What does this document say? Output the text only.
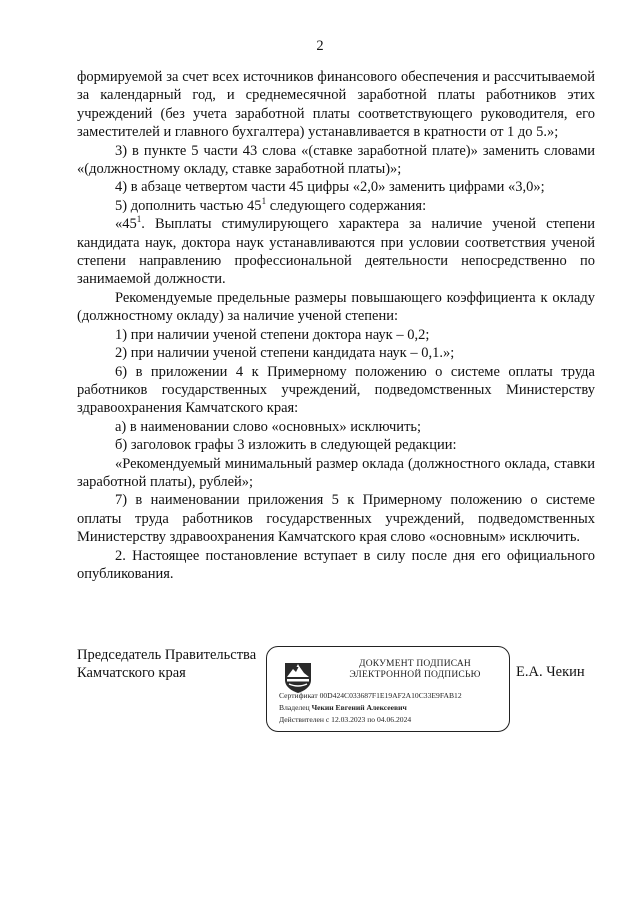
2

формируемой за счет всех источников финансового обеспечения и рассчитываемой за календарный год, и среднемесячной заработной платы работников этих учреждений (без учета заработной платы соответствующего руководителя, его заместителей и главного бухгалтера) устанавливается в кратности от 1 до 5.»;

3) в пункте 5 части 43 слова «(ставке заработной плате)» заменить словами «(должностному окладу, ставке заработной платы)»;

4) в абзаце четвертом части 45 цифры «2,0» заменить цифрами «3,0»;

5) дополнить частью $45^1$ следующего содержания:

«$45^1$. Выплаты стимулирующего характера за наличие ученой степени кандидата наук, доктора наук устанавливаются при условии соответствия ученой степени направлению профессиональной деятельности непосредственно по занимаемой должности.

Рекомендуемые предельные размеры повышающего коэффициента к окладу (должностному окладу) за наличие ученой степени:

1) при наличии ученой степени доктора наук – 0,2;

2) при наличии ученой степени кандидата наук – 0,1.»;

6) в приложении 4 к Примерному положению о системе оплаты труда работников государственных учреждений, подведомственных Министерству здравоохранения Камчатского края:

а) в наименовании слово «основных» исключить;

б) заголовок графы 3 изложить в следующей редакции:

«Рекомендуемый минимальный размер оклада (должностного оклада, ставки заработной платы), рублей»;

7) в наименовании приложения 5 к Примерному положению о системе оплаты труда работников государственных учреждений, подведомственных Министерству здравоохранения Камчатского края слово «основным» исключить.

2. Настоящее постановление вступает в силу после дня его официального опубликования.

Председатель Правительства
Камчатского края
ДОКУМЕНТ ПОДПИСАН
ЭЛЕКТРОННОЙ ПОДПИСЬЮ
Сертификат 00D424C033687F1E19AF2A10C33E9FAB12
Владелец Чекин Евгений Алексеевич
Действителен с 12.03.2023 по 04.06.2024
Е.А. Чекин
